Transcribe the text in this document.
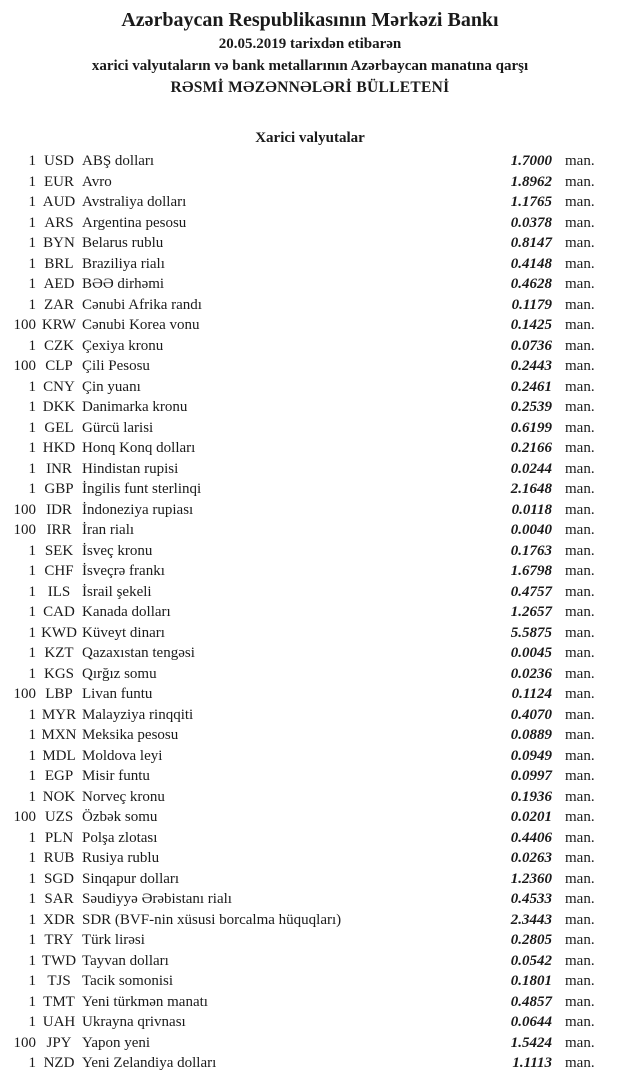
Azərbaycan Respublikasının Mərkəzi Bankı
20.05.2019 tarixdən etibarən
xarici valyutaların və bank metallarının Azərbaycan manatına qarşı
RƏSMİ MƏZƏNNƏLƏRİ BÜLLETENİ
Xarici valyutalar
1 USD ABŞ dolları	1.7000 man.
1 EUR Avro	1.8962 man.
1 AUD Avstraliya dolları	1.1765 man.
1 ARS Argentina pesosu	0.0378 man.
1 BYN Belarus rublu	0.8147 man.
1 BRL Braziliya rialı	0.4148 man.
1 AED BƏƏ dirhəmi	0.4628 man.
1 ZAR Cənubi Afrika randı	0.1179 man.
100 KRW Cənubi Korea vonu	0.1425 man.
1 CZK Çexiya kronu	0.0736 man.
100 CLP Çili Pesosu	0.2443 man.
1 CNY Çin yuanı	0.2461 man.
1 DKK Danimarka kronu	0.2539 man.
1 GEL Gürcü larisi	0.6199 man.
1 HKD Honq Konq dolları	0.2166 man.
1 INR Hindistan rupisi	0.0244 man.
1 GBP İngilis funt sterlinqi	2.1648 man.
100 IDR İndoneziya rupiası	0.0118 man.
100 IRR İran rialı	0.0040 man.
1 SEK İsveç kronu	0.1763 man.
1 CHF İsveçrə frankı	1.6798 man.
1 ILS İsrail şekeli	0.4757 man.
1 CAD Kanada dolları	1.2657 man.
1 KWD Küveyt dinarı	5.5875 man.
1 KZT Qazaxıstan tengəsi	0.0045 man.
1 KGS Qırğız somu	0.0236 man.
100 LBP Livan funtu	0.1124 man.
1 MYR Malayziya rinqqiti	0.4070 man.
1 MXN Meksika pesosu	0.0889 man.
1 MDL Moldova leyi	0.0949 man.
1 EGP Misir funtu	0.0997 man.
1 NOK Norveç kronu	0.1936 man.
100 UZS Özbək somu	0.0201 man.
1 PLN Polşa zlotası	0.4406 man.
1 RUB Rusiya rublu	0.0263 man.
1 SGD Sinqapur dolları	1.2360 man.
1 SAR Səudiyyə Ərəbistanı rialı	0.4533 man.
1 XDR SDR (BVF-nin xüsusi borcalma hüquqları)	2.3443 man.
1 TRY Türk lirəsi	0.2805 man.
1 TWD Tayvan dolları	0.0542 man.
1 TJS Tacik somonisi	0.1801 man.
1 TMT Yeni türkmən manatı	0.4857 man.
1 UAH Ukrayna qrivnası	0.0644 man.
100 JPY Yapon yeni	1.5424 man.
1 NZD Yeni Zelandiya dolları	1.1113 man.
